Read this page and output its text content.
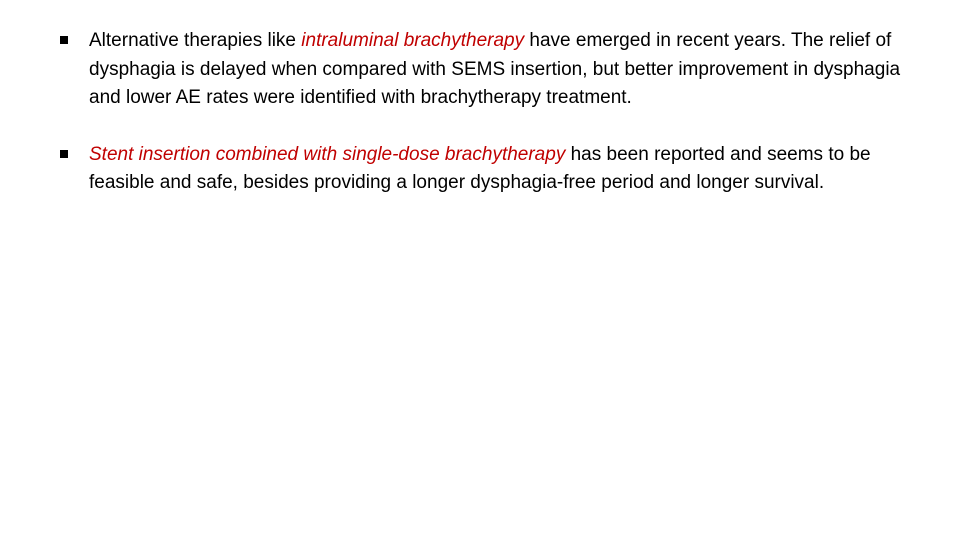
Alternative therapies like intraluminal brachytherapy have emerged in recent years. The relief of dysphagia is delayed when compared with SEMS insertion, but better improvement in dysphagia and lower AE rates were identified with brachytherapy treatment.
Stent insertion combined with single-dose brachytherapy has been reported and seems to be feasible and safe, besides providing a longer dysphagia-free period and longer survival.
